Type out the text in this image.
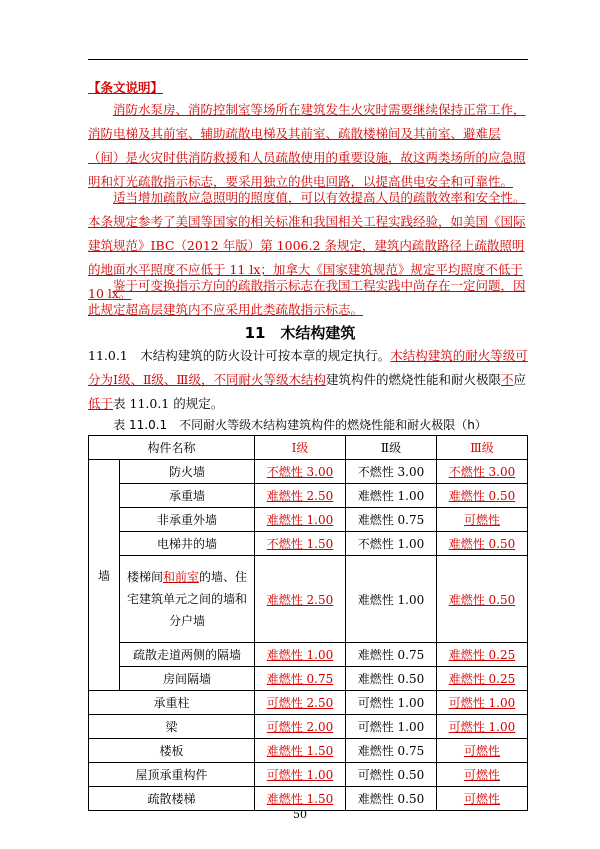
【条文说明】
消防水泵房、消防控制室等场所在建筑发生火灾时需要继续保持正常工作，消防电梯及其前室、辅助疏散电梯及其前室、疏散楼梯间及其前室、避难层（间）是火灾时供消防救援和人员疏散使用的重要设施，故这两类场所的应急照明和灯光疏散指示标志，要采用独立的供电回路，以提高供电安全和可靠性。
适当增加疏散应急照明的照度值，可以有效提高人员的疏散效率和安全性。本条规定参考了美国等国家的相关标准和我国相关工程实践经验，如美国《国际建筑规范》IBC（2012 年版）第 1006.2 条规定，建筑内疏散路径上疏散照明的地面水平照度不应低于 11 lx；加拿大《国家建筑规范》规定平均照度不低于 10 lx。
鉴于可变换指示方向的疏散指示标志在我国工程实践中尚存在一定问题，因此规定超高层建筑内不应采用此类疏散指示标志。
11　木结构建筑
11.0.1　木结构建筑的防火设计可按本章的规定执行。木结构建筑的耐火等级可分为Ⅰ级、Ⅱ级、Ⅲ级，不同耐火等级木结构建筑构件的燃烧性能和耐火极限不应低于表 11.0.1 的规定。
表 11.0.1　不同耐火等级木结构建筑构件的燃烧性能和耐火极限（h）
构件名称		Ⅰ级	Ⅱ级	Ⅲ级
墙	防火墙	不燃性 3.00	不燃性 3.00	不燃性 3.00
	承重墙	难燃性 2.50	难燃性 1.00	难燃性 0.50
	非承重外墙	难燃性 1.00	难燃性 0.75	可燃性
	电梯井的墙	不燃性 1.50	不燃性 1.00	难燃性 0.50
	楼梯间和前室的墙、住宅建筑单元之间的墙和分户墙	难燃性 2.50	难燃性 1.00	难燃性 0.50
	疏散走道两侧的隔墙	难燃性 1.00	难燃性 0.75	难燃性 0.25
	房间隔墙	难燃性 0.75	难燃性 0.50	难燃性 0.25
承重柱		可燃性 2.50	可燃性 1.00	可燃性 1.00
梁		可燃性 2.00	可燃性 1.00	可燃性 1.00
楼板		难燃性 1.50	难燃性 0.75	可燃性
屋顶承重构件		可燃性 1.00	可燃性 0.50	可燃性
疏散楼梯		难燃性 1.50	难燃性 0.50	可燃性
50
